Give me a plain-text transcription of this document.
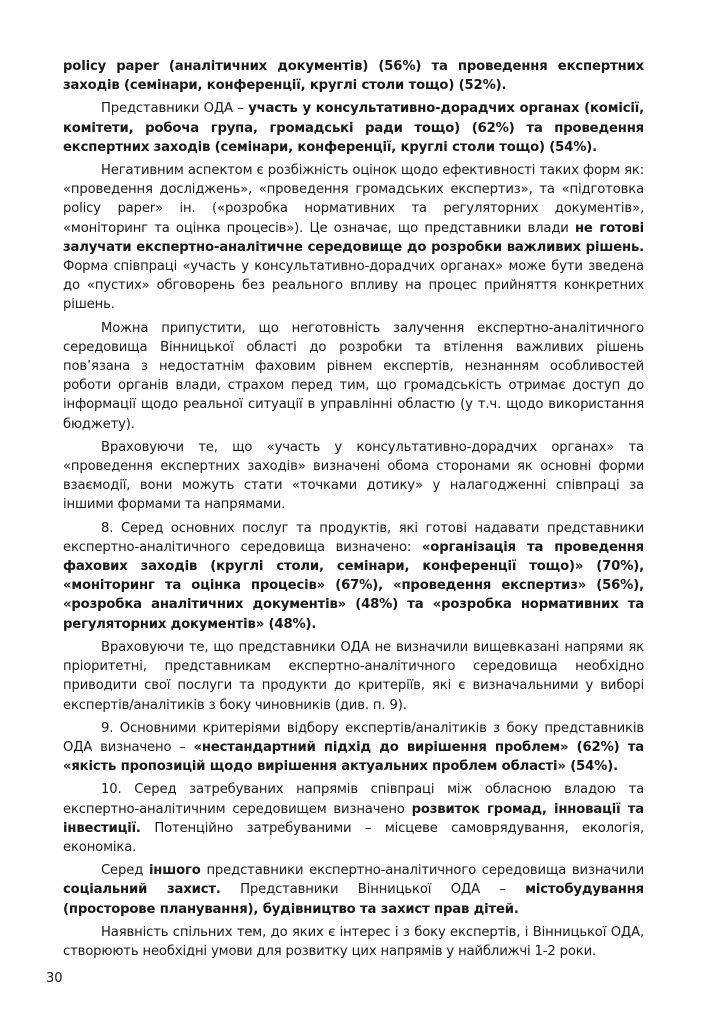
policy paper (аналітичних документів) (56%) та проведення експертних заходів (семінари, конференції, круглі столи тощо) (52%).

Представники ОДА – участь у консультативно-дорадчих органах (комісії, комітети, робоча група, громадські ради тощо) (62%) та проведення експертних заходів (семінари, конференції, круглі столи тощо) (54%).

Негативним аспектом є розбіжність оцінок щодо ефективності таких форм як: «проведення досліджень», «проведення громадських експертиз», та «підготовка policy paper» ін. («розробка нормативних та регуляторних документів», «моніторинг та оцінка процесів»). Це означає, що представники влади не готові залучати експертно-аналітичне середовище до розробки важливих рішень. Форма співпраці «участь у консультативно-дорадчих органах» може бути зведена до «пустих» обговорень без реального впливу на процес прийняття конкретних рішень.

Можна припустити, що неготовність залучення експертно-аналітичного середовища Вінницької області до розробки та втілення важливих рішень пов’язана з недостатнім фаховим рівнем експертів, незнанням особливостей роботи органів влади, страхом перед тим, що громадськість отримає доступ до інформації щодо реальної ситуації в управлінні областю (у т.ч. щодо використання бюджету).

Враховуючи те, що «участь у консультативно-дорадчих органах» та «проведення експертних заходів» визначені обома сторонами як основні форми взаємодії, вони можуть стати «точками дотику» у налагодженні співпраці за іншими формами та напрямами.

8. Серед основних послуг та продуктів, які готові надавати представники експертно-аналітичного середовища визначено: «організація та проведення фахових заходів (круглі столи, семінари, конференції тощо)» (70%), «моніторинг та оцінка процесів» (67%), «проведення експертиз» (56%), «розробка аналітичних документів» (48%) та «розробка нормативних та регуляторних документів» (48%).

Враховуючи те, що представники ОДА не визначили вищевказані напрями як пріоритетні, представникам експертно-аналітичного середовища необхідно приводити свої послуги та продукти до критеріїв, які є визначальними у виборі експертів/аналітиків з боку чиновників (див. п. 9).

9. Основними критеріями відбору експертів/аналітиків з боку представників ОДА визначено – «нестандартний підхід до вирішення проблем» (62%) та «якість пропозицій щодо вирішення актуальних проблем області» (54%).

10. Серед затребуваних напрямів співпраці між обласною владою та експертно-аналітичним середовищем визначено розвиток громад, інновації та інвестиції. Потенційно затребуваними – місцеве самоврядування, екологія, економіка.

Серед іншого представники експертно-аналітичного середовища визначили соціальний захист. Представники Вінницької ОДА – містобудування (просторове планування), будівництво та захист прав дітей.

Наявність спільних тем, до яких є інтерес і з боку експертів, і Вінницької ОДА, створюють необхідні умови для розвитку цих напрямів у найближчі 1-2 роки.

30
